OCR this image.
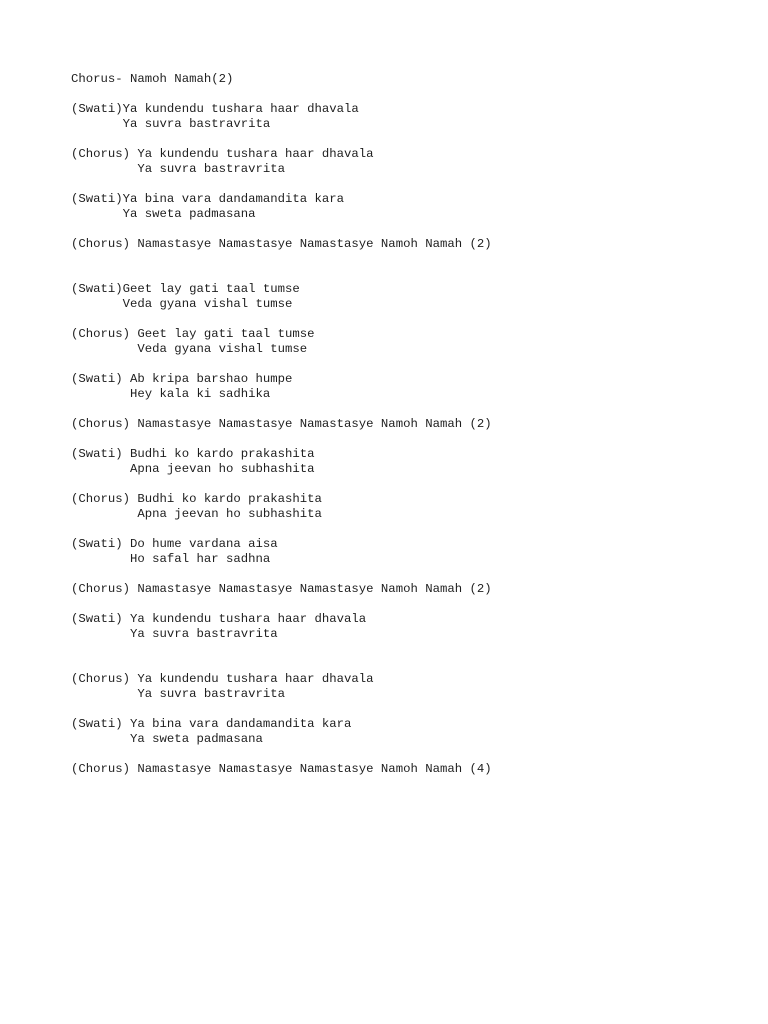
Chorus- Namoh Namah(2)
(Swati)Ya kundendu tushara haar dhavala
Ya suvra bastravrita
(Chorus) Ya kundendu tushara haar dhavala
Ya suvra bastravrita
(Swati)Ya bina vara dandamandita kara
Ya sweta padmasana
(Chorus) Namastasye Namastasye Namastasye Namoh Namah (2)
(Swati)Geet lay gati taal tumse
Veda gyana vishal tumse
(Chorus) Geet lay gati taal tumse
Veda gyana vishal tumse
(Swati) Ab kripa barshao humpe
Hey kala ki sadhika
(Chorus) Namastasye Namastasye Namastasye Namoh Namah (2)
(Swati) Budhi ko kardo prakashita
Apna jeevan ho subhashita
(Chorus) Budhi ko kardo prakashita
Apna jeevan ho subhashita
(Swati) Do hume vardana aisa
Ho safal har sadhna
(Chorus) Namastasye Namastasye Namastasye Namoh Namah (2)
(Swati) Ya kundendu tushara haar dhavala
Ya suvra bastravrita
(Chorus) Ya kundendu tushara haar dhavala
Ya suvra bastravrita
(Swati) Ya bina vara dandamandita kara
Ya sweta padmasana
(Chorus) Namastasye Namastasye Namastasye Namoh Namah (4)
